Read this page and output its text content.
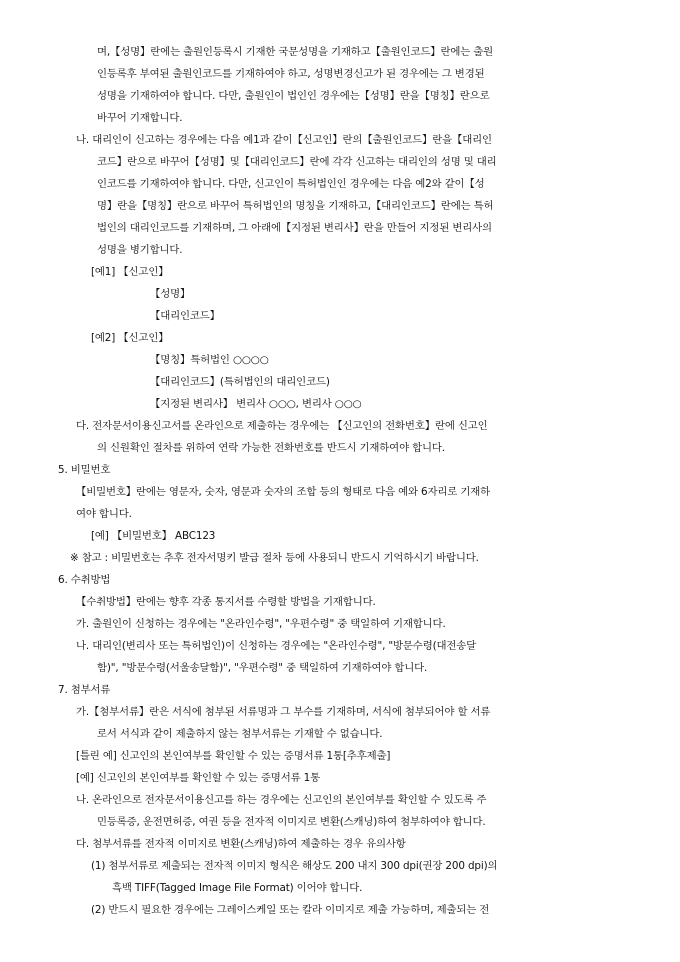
며,【성명】란에는 출원인등록시 기재한 국문성명을 기재하고【출원인코드】란에는 출원
인등록후 부여된 출원인코드를 기재하여야 하고, 성명변경신고가 된 경우에는 그 변경된
성명을 기재하여야 합니다. 다만, 출원인이 법인인 경우에는【성명】란을【명칭】란으로
바꾸어 기재합니다.
나. 대리인이 신고하는 경우에는 다음 예1과 같이【신고인】란의【출원인코드】란을【대리인
코드】란으로 바꾸어【성명】및【대리인코드】란에 각각 신고하는 대리인의 성명 및 대리
인코드를 기재하여야 합니다. 다만, 신고인이 특허법인인 경우에는 다음 예2와 같이【성
명】란을【명칭】란으로 바꾸어 특허법인의 명칭을 기재하고,【대리인코드】란에는 특허
법인의 대리인코드를 기재하며, 그 아래에【지정된 변리사】란을 만들어 지정된 변리사의
성명을 병기합니다.
[예1] 【신고인】
【성명】
【대리인코드】
[예2] 【신고인】
【명칭】특허법인 ○○○○
【대리인코드】(특허법인의 대리인코드)
【지정된 변리사】 변리사 ○○○, 변리사 ○○○
다. 전자문서이용신고서를 온라인으로 제출하는 경우에는 【신고인의 전화번호】란에 신고인
의 신원확인 절차를 위하여 연락 가능한 전화번호를 반드시 기재하여야 합니다.
5. 비밀번호
【비밀번호】란에는 영문자, 숫자, 영문과 숫자의 조합 등의 형태로 다음 예와 6자리로 기재하
여야 합니다.
[예] 【비밀번호】 ABC123
※ 참고 : 비밀번호는 추후 전자서명키 발급 절차 등에 사용되니 반드시 기억하시기 바랍니다.
6. 수취방법
【수취방법】란에는 향후 각종 통지서를 수령할 방법을 기재합니다.
가. 출원인이 신청하는 경우에는 "온라인수령", "우편수령" 중 택일하여 기재합니다.
나. 대리인(변리사 또는 특허법인)이 신청하는 경우에는 "온라인수령", "방문수령(대전송달
함)", "방문수령(서울송달함)", "우편수령" 중 택일하여 기재하여야 합니다.
7. 첨부서류
가.【첨부서류】란은 서식에 첨부된 서류명과 그 부수를 기재하며, 서식에 첨부되어야 할 서류
로서 서식과 같이 제출하지 않는 첨부서류는 기재할 수 없습니다.
[틀린 예] 신고인의 본인여부를 확인할 수 있는 증명서류 1통[추후제출]
[예] 신고인의 본인여부를 확인할 수 있는 증명서류 1통
나. 온라인으로 전자문서이용신고를 하는 경우에는 신고인의 본인여부를 확인할 수 있도록 주
민등록증, 운전면허증, 여권 등을 전자적 이미지로 변환(스캐닝)하여 첨부하여야 합니다.
다. 첨부서류를 전자적 이미지로 변환(스캐닝)하여 제출하는 경우 유의사항
(1) 첨부서류로 제출되는 전자적 이미지 형식은 해상도 200 내지 300 dpi(권장 200 dpi)의
흑백 TIFF(Tagged Image File Format) 이어야 합니다.
(2) 반드시 필요한 경우에는 그레이스케일 또는 칼라 이미지로 제출 가능하며, 제출되는 전
